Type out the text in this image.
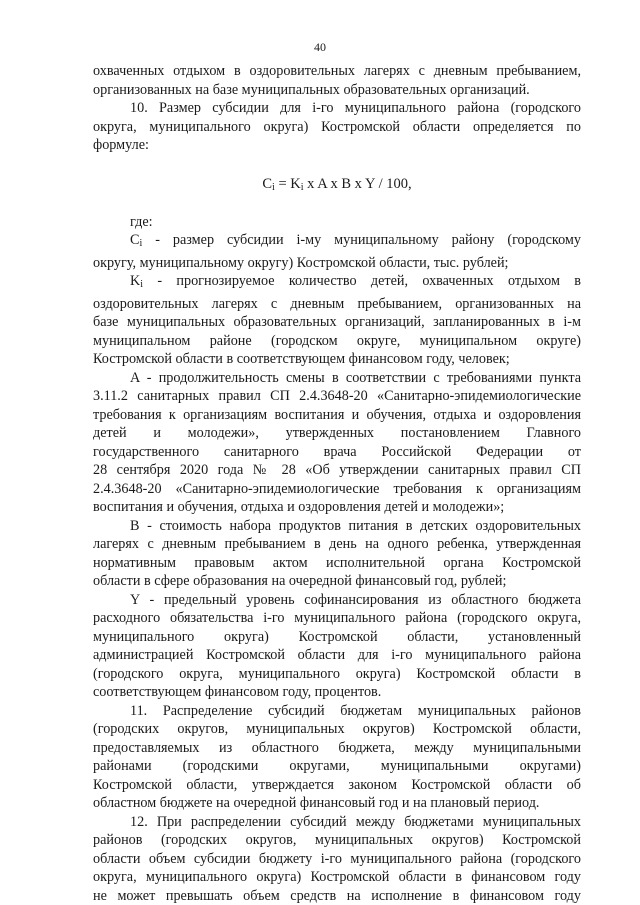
40
охваченных отдыхом в оздоровительных лагерях с дневным пребыванием,
организованных на базе муниципальных образовательных организаций.
10. Размер субсидии для i-го муниципального района (городского
округа, муниципального округа) Костромской области определяется по
формуле:
$C_i = K_i$ x A x B x Y / 100,
где:
$C_i$ - размер субсидии i-му муниципальному району (городскому
округу, муниципальному округу) Костромской области, тыс. рублей;
$K_i$ - прогнозируемое количество детей, охваченных отдыхом в
оздоровительных лагерях с дневным пребыванием, организованных на
базе муниципальных образовательных организаций, запланированных в i-м
муниципальном районе (городском округе, муниципальном округе)
Костромской области в соответствующем финансовом году, человек;
A - продолжительность смены в соответствии с требованиями пункта
3.11.2 санитарных правил СП 2.4.3648-20 «Санитарно-эпидемиологические
требования к организациям воспитания и обучения, отдыха и оздоровления
детей и молодежи», утвержденных постановлением Главного
государственного санитарного врача Российской Федерации от
28 сентября 2020 года № 28 «Об утверждении санитарных правил СП
2.4.3648-20 «Санитарно-эпидемиологические требования к организациям
воспитания и обучения, отдыха и оздоровления детей и молодежи»;
B - стоимость набора продуктов питания в детских оздоровительных
лагерях с дневным пребыванием в день на одного ребенка, утвержденная
нормативным правовым актом исполнительной органа Костромской
области в сфере образования на очередной финансовый год, рублей;
Y - предельный уровень софинансирования из областного бюджета
расходного обязательства i-го муниципального района (городского округа,
муниципального округа) Костромской области, установленный
администрацией Костромской области для i-го муниципального района
(городского округа, муниципального округа) Костромской области в
соответствующем финансовом году, процентов.
11. Распределение субсидий бюджетам муниципальных районов
(городских округов, муниципальных округов) Костромской области,
предоставляемых из областного бюджета, между муниципальными
районами (городскими округами, муниципальными округами)
Костромской области, утверждается законом Костромской области об
областном бюджете на очередной финансовый год и на плановый период.
12. При распределении субсидий между бюджетами муниципальных
районов (городских округов, муниципальных округов) Костромской
области объем субсидии бюджету i-го муниципального района (городского
округа, муниципального округа) Костромской области в финансовом году
не может превышать объем средств на исполнение в финансовом году
